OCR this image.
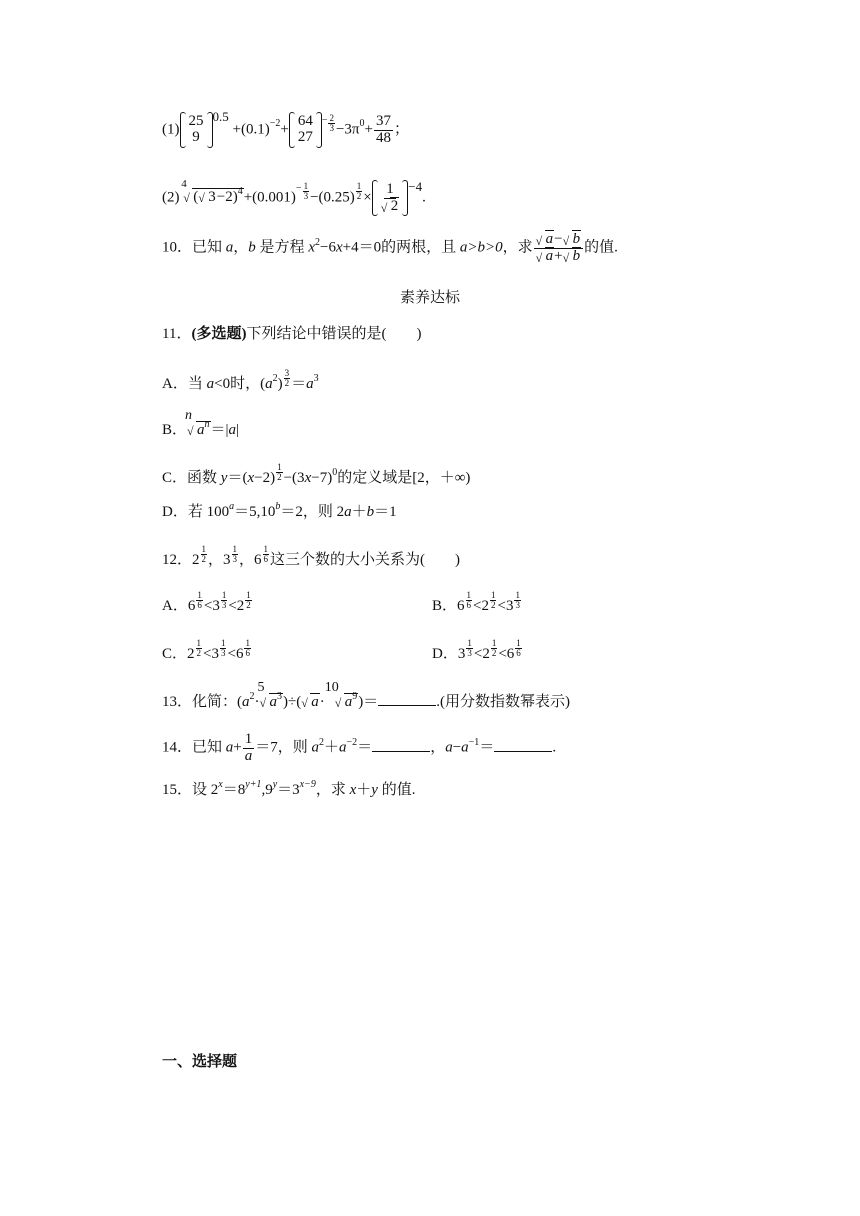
(1)
25
9
$0.5 +(0.1)^{-2}+$
64
27
$^- \frac{2}{3} -3\pi^0+ \frac{37}{48}$ ；
(2)
4
√ ( √ $3-2)^4+(0.001)^- \frac{1}{3} -(0.25) \frac{1}{2} \times \frac{1}{√ 2} -4$.
10．已知 a，b 是方程 $x^2-6x+4=0$的两根，且 a>b>0，求 $\frac{√ a- √ b}{√ a+ √ b}$ 的值.
素养达标
11．(多选题)下列结论中错误的是(　　)
A．当 a<0时，$(a^2) \frac{3}{2} =a^3$
B．
n
√ $a^n=|a|$
C．函数 $y=(x-2) \frac{1}{2} -(3x-7)^0$的定义域是[2，＋∞)
D．若 $100^a=5,10^b=2$，则 2a＋b＝1
12．$2 \frac{1}{2}$ ，$3 \frac{1}{3}$ ，$6 \frac{1}{6}$ 这三个数的大小关系为(　　)
A．$6 \frac{1}{6} <3 \frac{1}{3} <2 \frac{1}{2}$	B．$6 \frac{1}{6} <2 \frac{1}{2} <3 \frac{1}{3}$
C．$2 \frac{1}{2} <3 \frac{1}{3} <6 \frac{1}{6}$	D．$3 \frac{1}{3} <2 \frac{1}{2} <6 \frac{1}{6}$
13．化简：($a^2\cdot$
5
√ $a^3)\div$( √ a·
10
√ $a^9)=$	.(用分数指数幂表示)
14．已知 $a+ \frac{1}{a} =7$，则 $a^2+a^{-2}=$	，$a-a^{-1}=$	.
15．设 $2^x=8^{y+1},9^y=3^{x-9}$，求 x＋y 的值.
一、选择题
